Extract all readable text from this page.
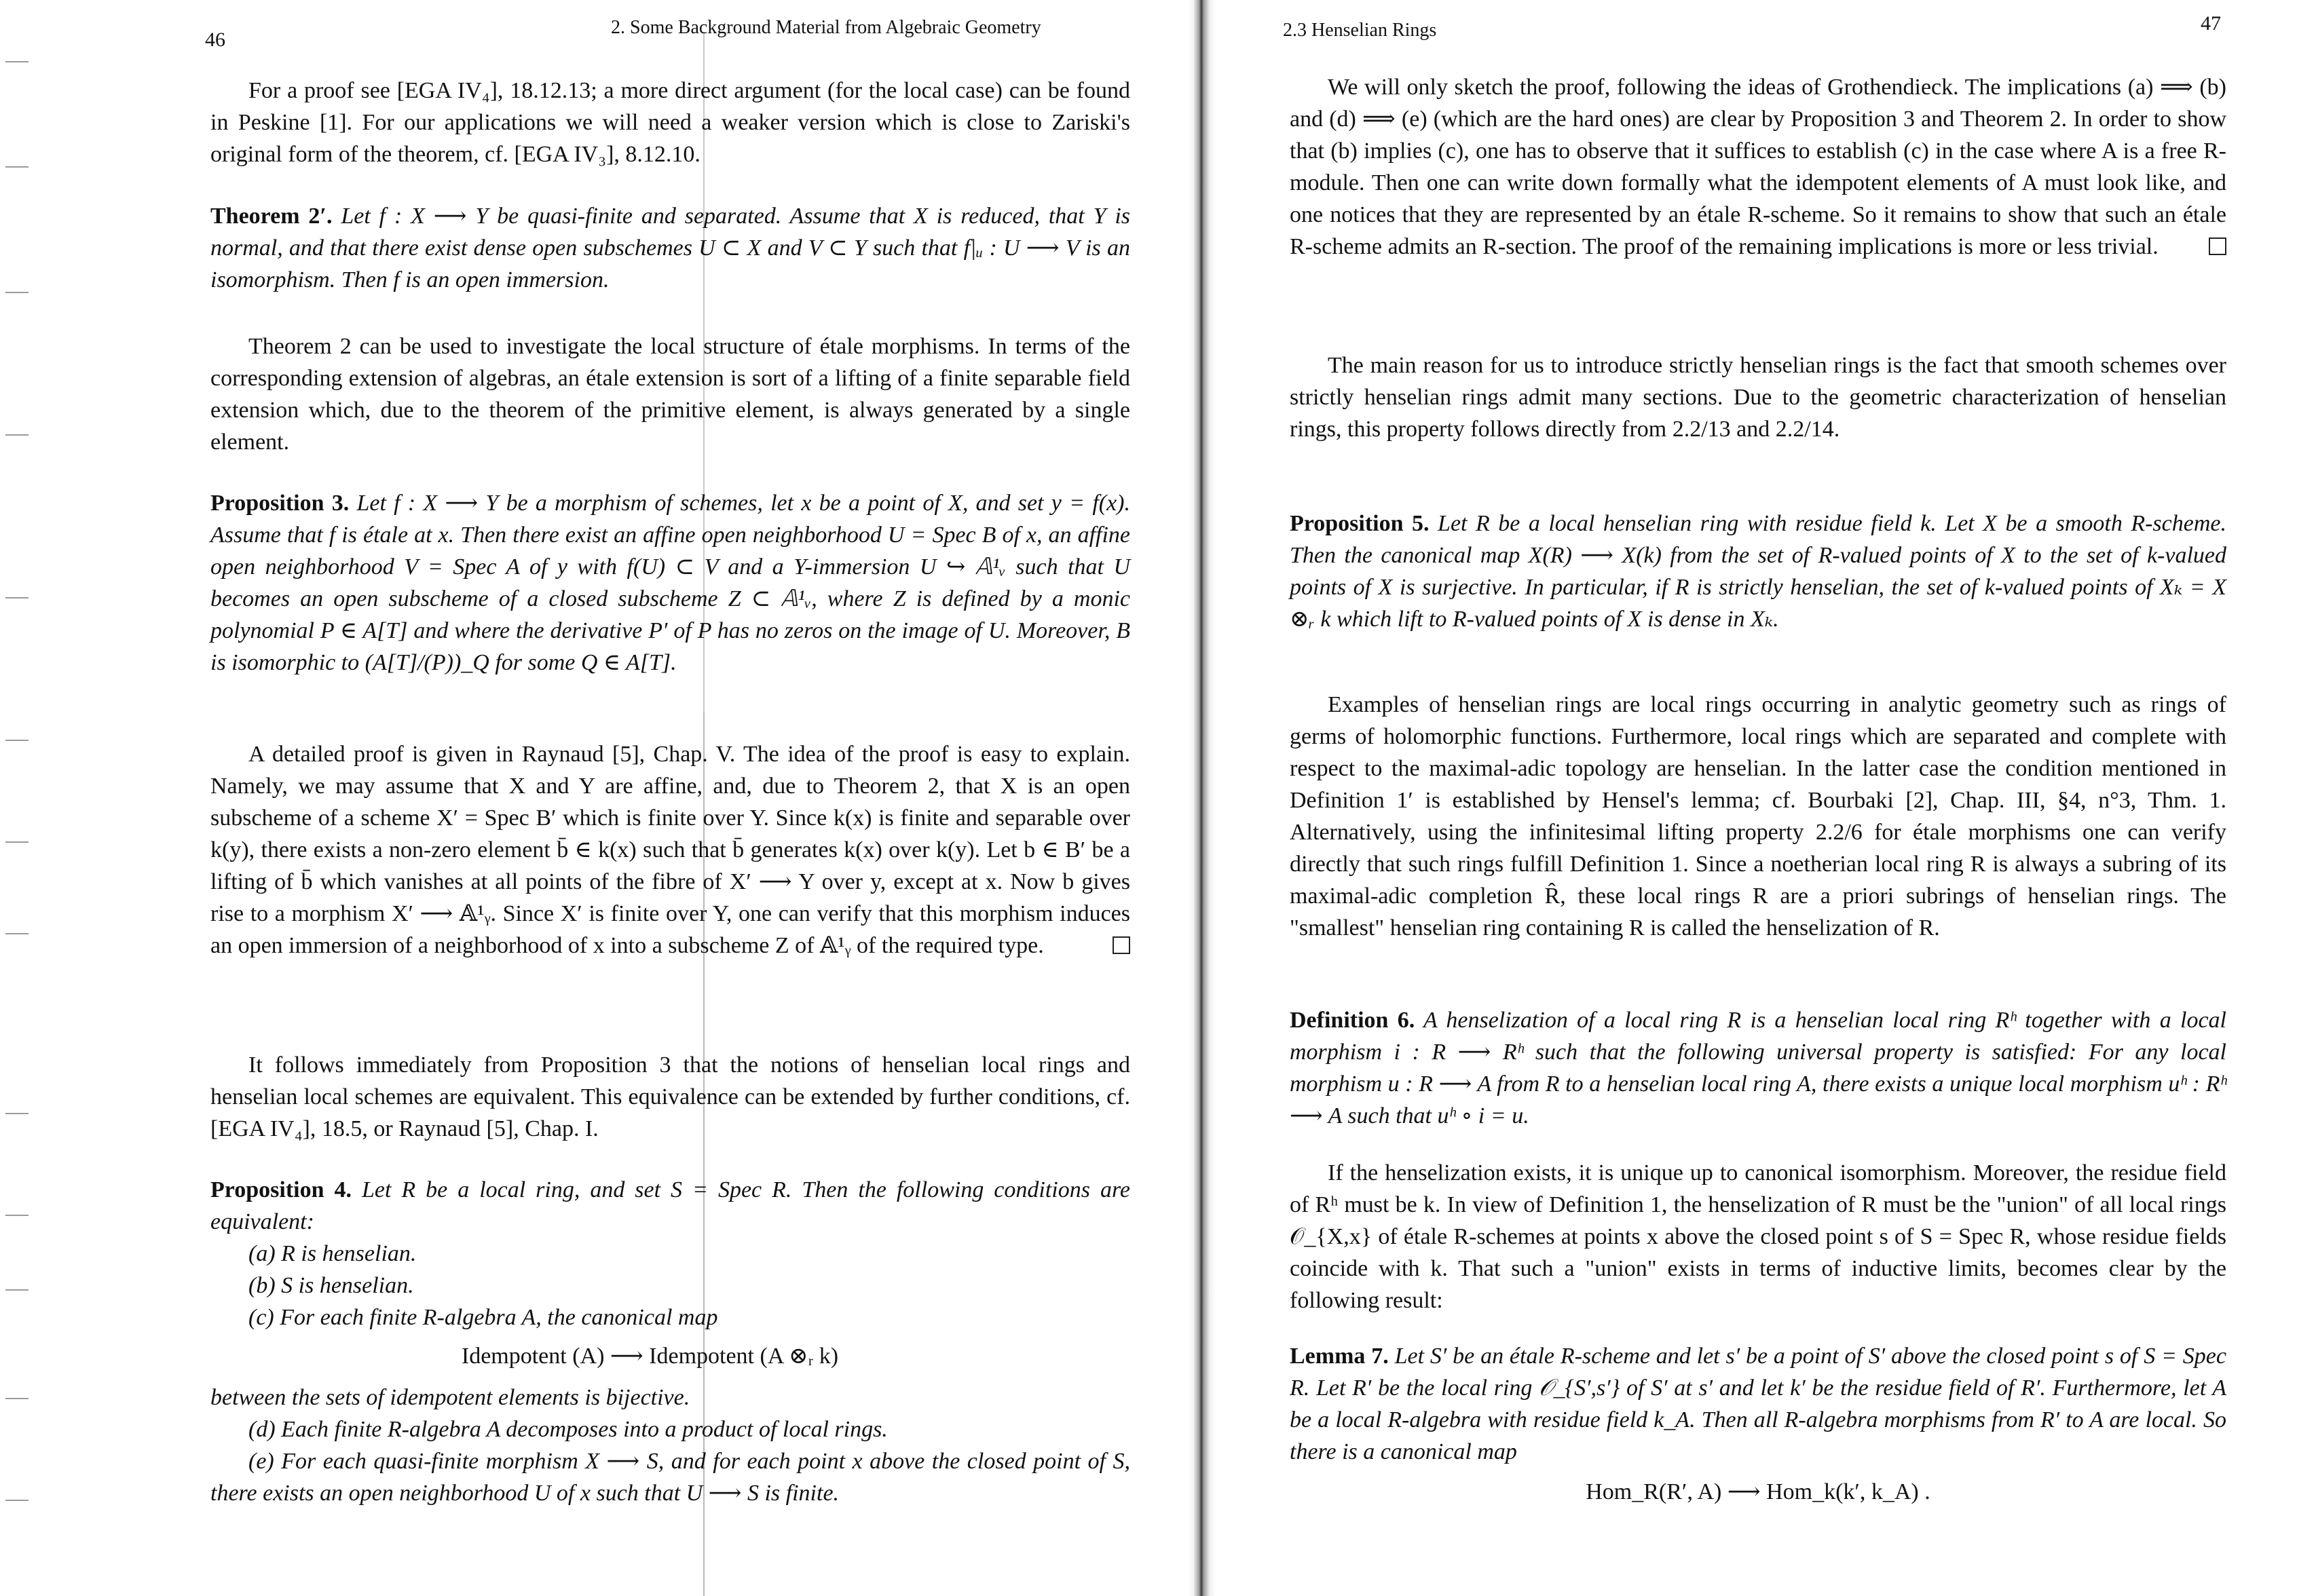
46
2. Some Background Material from Algebraic Geometry

For a proof see [EGA IV₄], 18.12.13; a more direct argument (for the local case) can be found in Peskine [1]. For our applications we will need a weaker version which is close to Zariski's original form of the theorem, cf. [EGA IV₃], 8.12.10.

Theorem 2′. Let f : X ⟶ Y be quasi-finite and separated. Assume that X is reduced, that Y is normal, and that there exist dense open subschemes U ⊂ X and V ⊂ Y such that f|ᵤ : U ⟶ V is an isomorphism. Then f is an open immersion.

Theorem 2 can be used to investigate the local structure of étale morphisms. In terms of the corresponding extension of algebras, an étale extension is sort of a lifting of a finite separable field extension which, due to the theorem of the primitive element, is always generated by a single element.

Proposition 3. Let f : X ⟶ Y be a morphism of schemes, let x be a point of X, and set y = f(x). Assume that f is étale at x. Then there exist an affine open neighborhood U = Spec B of x, an affine open neighborhood V = Spec A of y with f(U) ⊂ V and a Y-immersion U ↪ 𝔸¹ᵥ such that U becomes an open subscheme of a closed subscheme Z ⊂ 𝔸¹ᵥ, where Z is defined by a monic polynomial P ∈ A[T] and where the derivative P′ of P has no zeros on the image of U. Moreover, B is isomorphic to (A[T]/(P))_Q for some Q ∈ A[T].

A detailed proof is given in Raynaud [5], Chap. V. The idea of the proof is easy to explain. Namely, we may assume that X and Y are affine, and, due to Theorem 2, that X is an open subscheme of a scheme X′ = Spec B′ which is finite over Y. Since k(x) is finite and separable over k(y), there exists a non-zero element b̄ ∈ k(x) such that b̄ generates k(x) over k(y). Let b ∈ B′ be a lifting of b̄ which vanishes at all points of the fibre of X′ ⟶ Y over y, except at x. Now b gives rise to a morphism X′ ⟶ 𝔸¹ᵧ. Since X′ is finite over Y, one can verify that this morphism induces an open immersion of a neighborhood of x into a subscheme Z of 𝔸¹ᵧ of the required type.

It follows immediately from Proposition 3 that the notions of henselian local rings and henselian local schemes are equivalent. This equivalence can be extended by further conditions, cf. [EGA IV₄], 18.5, or Raynaud [5], Chap. I.

Proposition 4. Let R be a local ring, and set S = Spec R. Then the following conditions are equivalent:

(a) R is henselian.

(b) S is henselian.

(c) For each finite R-algebra A, the canonical map

Idempotent (A) ⟶ Idempotent (A ⊗ᵣ k)

between the sets of idempotent elements is bijective.

(d) Each finite R-algebra A decomposes into a product of local rings.

(e) For each quasi-finite morphism X ⟶ S, and for each point x above the closed point of S, there exists an open neighborhood U of x such that U ⟶ S is finite.

2.3 Henselian Rings	47

We will only sketch the proof, following the ideas of Grothendieck. The implications (a) ⟹ (b) and (d) ⟹ (e) (which are the hard ones) are clear by Proposition 3 and Theorem 2. In order to show that (b) implies (c), one has to observe that it suffices to establish (c) in the case where A is a free R-module. Then one can write down formally what the idempotent elements of A must look like, and one notices that they are represented by an étale R-scheme. So it remains to show that such an étale R-scheme admits an R-section. The proof of the remaining implications is more or less trivial.

The main reason for us to introduce strictly henselian rings is the fact that smooth schemes over strictly henselian rings admit many sections. Due to the geometric characterization of henselian rings, this property follows directly from 2.2/13 and 2.2/14.

Proposition 5. Let R be a local henselian ring with residue field k. Let X be a smooth R-scheme. Then the canonical map X(R) ⟶ X(k) from the set of R-valued points of X to the set of k-valued points of X is surjective. In particular, if R is strictly henselian, the set of k-valued points of Xₖ = X ⊗ᵣ k which lift to R-valued points of X is dense in Xₖ.

Examples of henselian rings are local rings occurring in analytic geometry such as rings of germs of holomorphic functions. Furthermore, local rings which are separated and complete with respect to the maximal-adic topology are henselian. In the latter case the condition mentioned in Definition 1′ is established by Hensel's lemma; cf. Bourbaki [2], Chap. III, §4, n°3, Thm. 1. Alternatively, using the infinitesimal lifting property 2.2/6 for étale morphisms one can verify directly that such rings fulfill Definition 1. Since a noetherian local ring R is always a subring of its maximal-adic completion R̂, these local rings R are a priori subrings of henselian rings. The "smallest" henselian ring containing R is called the henselization of R.

Definition 6. A henselization of a local ring R is a henselian local ring Rʰ together with a local morphism i : R ⟶ Rʰ such that the following universal property is satisfied: For any local morphism u : R ⟶ A from R to a henselian local ring A, there exists a unique local morphism uʰ : Rʰ ⟶ A such that uʰ ∘ i = u.

If the henselization exists, it is unique up to canonical isomorphism. Moreover, the residue field of Rʰ must be k. In view of Definition 1, the henselization of R must be the "union" of all local rings 𝒪_{X,x} of étale R-schemes at points x above the closed point s of S = Spec R, whose residue fields coincide with k. That such a "union" exists in terms of inductive limits, becomes clear by the following result:

Lemma 7. Let S′ be an étale R-scheme and let s′ be a point of S′ above the closed point s of S = Spec R. Let R′ be the local ring 𝒪_{S′,s′} of S′ at s′ and let k′ be the residue field of R′. Furthermore, let A be a local R-algebra with residue field k_A. Then all R-algebra morphisms from R′ to A are local. So there is a canonical map

Hom_R(R′, A) ⟶ Hom_k(k′, k_A) .
